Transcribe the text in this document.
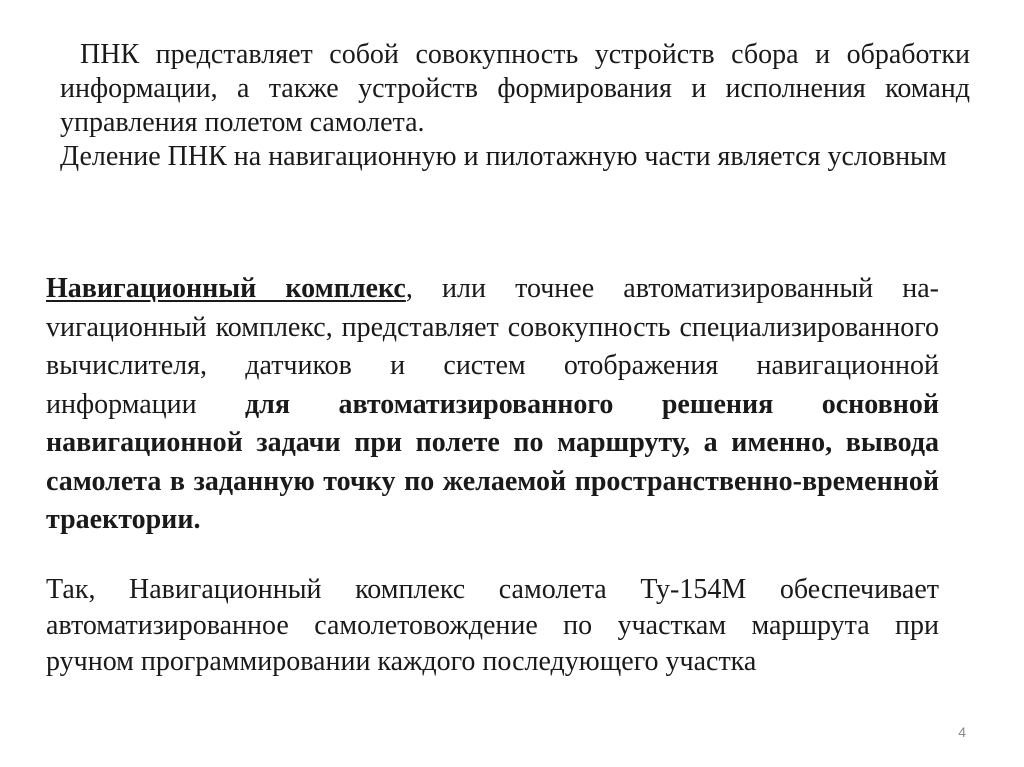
ПНК представляет собой совокупность устройств сбора и обработки информации, а также устройств формирования и исполнения команд управления полетом самолета.

Деление ПНК на навигационную и пилотажную части является условным

Навигационный комплекс, или точнее автоматизированный наvигационный комплекс, представляет совокупность специализированного вычислителя, датчиков и систем отображения навигационной информации для автоматизированного решения основной навигационной задачи при полете по маршруту, а именно, вывода самолета в заданную точку по желаемой пространственно-временной траектории.

Так, Навигационный комплекс самолета Ту-154М обеспечивает автоматизированное самолетовождение по участкам маршрута при ручном программировании каждого последующего участка

4
